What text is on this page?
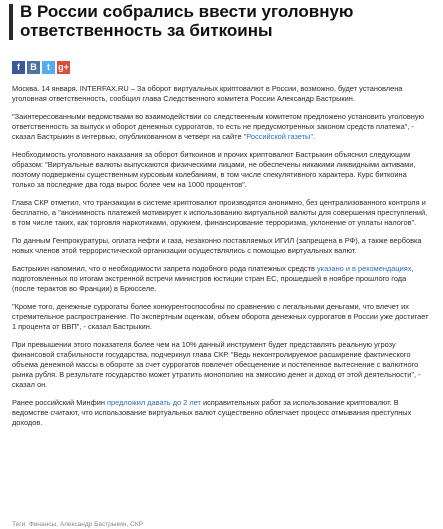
В России собрались ввести уголовную ответственность за биткоины
f	B	t g+

Москва. 14 января. INTERFAX.RU – За оборот виртуальных криптовалют в России, возможно, будет установлена уголовная ответственность, сообщил глава Следственного комитета России Александр Бастрыкин.

"Заинтересованными ведомствами во взаимодействии со следственным комитетом предложено установить уголовную ответственность за выпуск и оборот денежных суррогатов, то есть не предусмотренных законом средств платежа", - сказал Бастрыкин в интервью, опубликованном в четверг на сайте "Российской газеты".

Необходимость уголовного наказания за оборот биткоинов и прочих криптовалют Бастрыкин объяснил следующим образом: "Виртуальные валюты выпускаются физическими лицами, не обеспечены никакими ликвидными активами, поэтому подвержены существенным курсовым колебаниям, в том числе спекулятивного характера. Курс биткоина только за последние два года вырос более чем на 1000 процентов".

Глава СКР отметил, что транзакции в системе криптовалют производятся анонимно, без централизованного контроля и бесплатно, а "анонимность платежей мотивирует к использованию виртуальной валюты для совершения преступлений, в том числе таких, как торговля наркотиками, оружием, финансирование терроризма, уклонение от уплаты налогов".

По данным Генпрокуратуры, оплата нефти и газа, незаконно поставляемых ИГИЛ (запрещена в РФ), а также вербовка новых членов этой террористической организации осуществлялись с помощью виртуальных валют.

Бастрыкин напомнил, что о необходимости запрета подобного рода платежных средств указано и в рекомендациях, подготовленных по итогам экстренной встречи министров юстиции стран ЕС, прошедшей в ноябре прошлого года (после терактов во Франции) в Брюсселе.

"Кроме того, денежные суррогаты более конкурентоспособны по сравнению с легальными деньгами, что влечет их стремительное распространение. По экспертным оценкам, объем оборота денежных суррогатов в России уже достигает 1 процента от ВВП", - сказал Бастрыкин.

При превышении этого показателя более чем на 10% данный инструмент будет представлять реальную угрозу финансовой стабильности государства, подчеркнул глава СКР. "Ведь неконтролируемое расширение фактического объема денежной массы в обороте за счет суррогатов повлечет обесценение и постепенное вытеснение с валютного рынка рубля. В результате государство может утратить монополию на эмиссию денег и доход от этой деятельности", - сказал он.

Ранее российский Минфин предложил давать до 2 лет исправительных работ за использование криптовалют. В ведомстве считают, что использование виртуальных валют существенно облегчает процесс отмывания преступных доходов.

Теги: Финансы, Александр Бастрыкин, СКР
